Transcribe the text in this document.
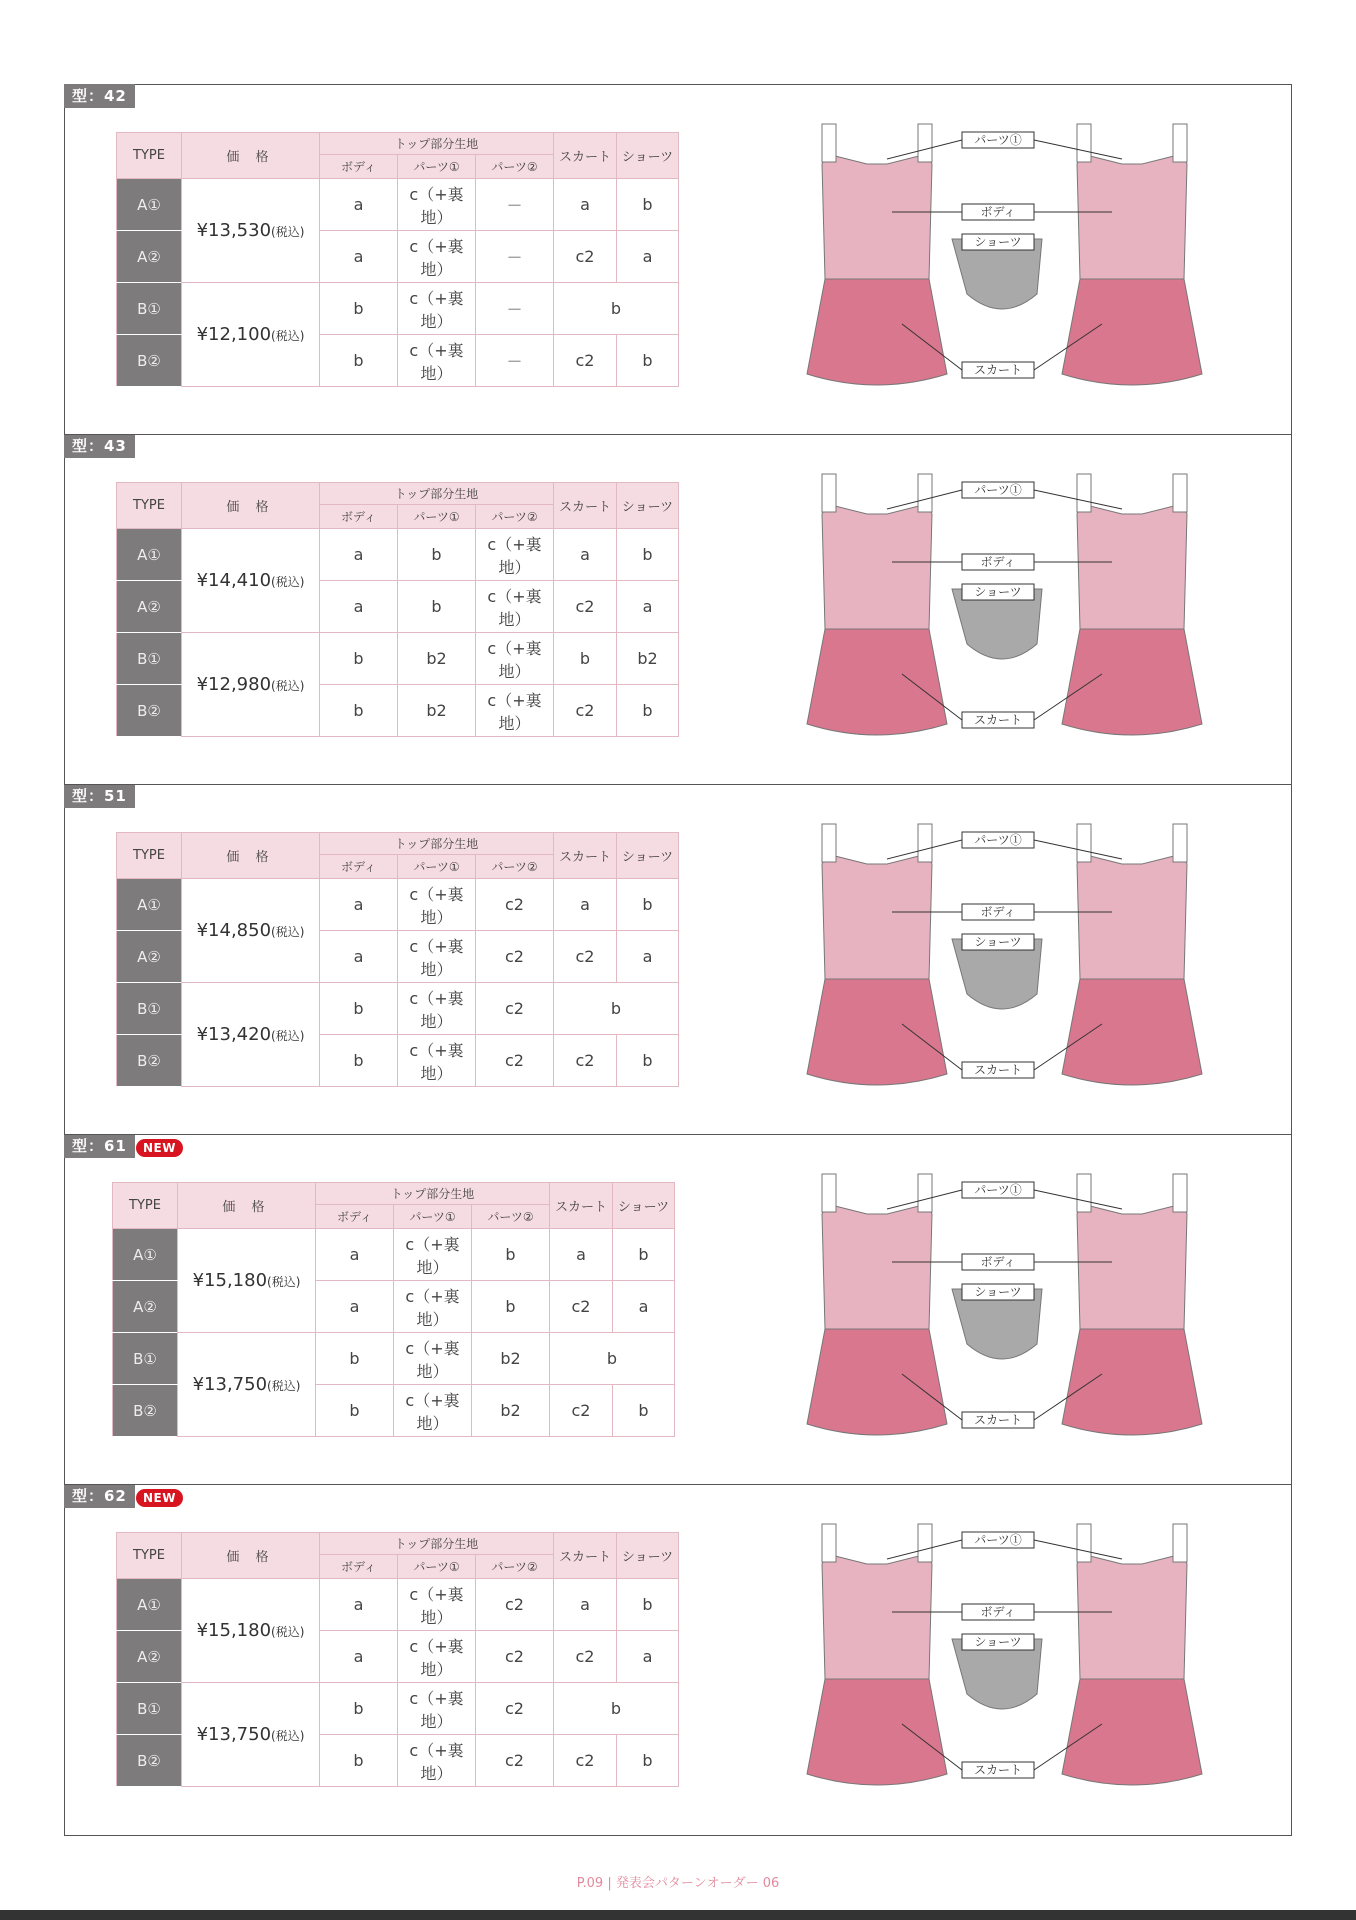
型：42
TYPE	価 格	トップ部分生地			スカート	ショーツ
		ボディ	パーツ①	パーツ②		
A①	¥13,530(税込)	a	c（+裏地）	－	a	b
A②		a	c（+裏地）	－	c2	a
B①	¥12,100(税込)	b	c（+裏地）	－	b	
B②		b	c（+裏地）	－	c2	b
パーツ①
ボディ
ショーツ
スカート
型：43
TYPE	価 格	トップ部分生地			スカート	ショーツ
		ボディ	パーツ①	パーツ②		
A①	¥14,410(税込)	a	b	c（+裏地）	a	b
A②		a	b	c（+裏地）	c2	a
B①	¥12,980(税込)	b	b2	c（+裏地）	b	b2
B②		b	b2	c（+裏地）	c2	b
パーツ①
ボディ
ショーツ
スカート
型：51
TYPE	価 格	トップ部分生地			スカート	ショーツ
		ボディ	パーツ①	パーツ②		
A①	¥14,850(税込)	a	c（+裏地）	c2	a	b
A②		a	c（+裏地）	c2	c2	a
B①	¥13,420(税込)	b	c（+裏地）	c2	b	
B②		b	c（+裏地）	c2	c2	b
パーツ①
ボディ
ショーツ
スカート
型：61	NEW
TYPE	価 格	トップ部分生地			スカート	ショーツ
		ボディ	パーツ①	パーツ②		
A①	¥15,180(税込)	a	c（+裏地）	b	a	b
A②		a	c（+裏地）	b	c2	a
B①	¥13,750(税込)	b	c（+裏地）	b2	b	
B②		b	c（+裏地）	b2	c2	b
パーツ①
ボディ
ショーツ
スカート
型：62	NEW
TYPE	価 格	トップ部分生地			スカート	ショーツ
		ボディ	パーツ①	パーツ②		
A①	¥15,180(税込)	a	c（+裏地）	c2	a	b
A②		a	c（+裏地）	c2	c2	a
B①	¥13,750(税込)	b	c（+裏地）	c2	b	
B②		b	c（+裏地）	c2	c2	b
パーツ①
ボディ
ショーツ
スカート
P.09 | 発表会パターンオーダー 06
